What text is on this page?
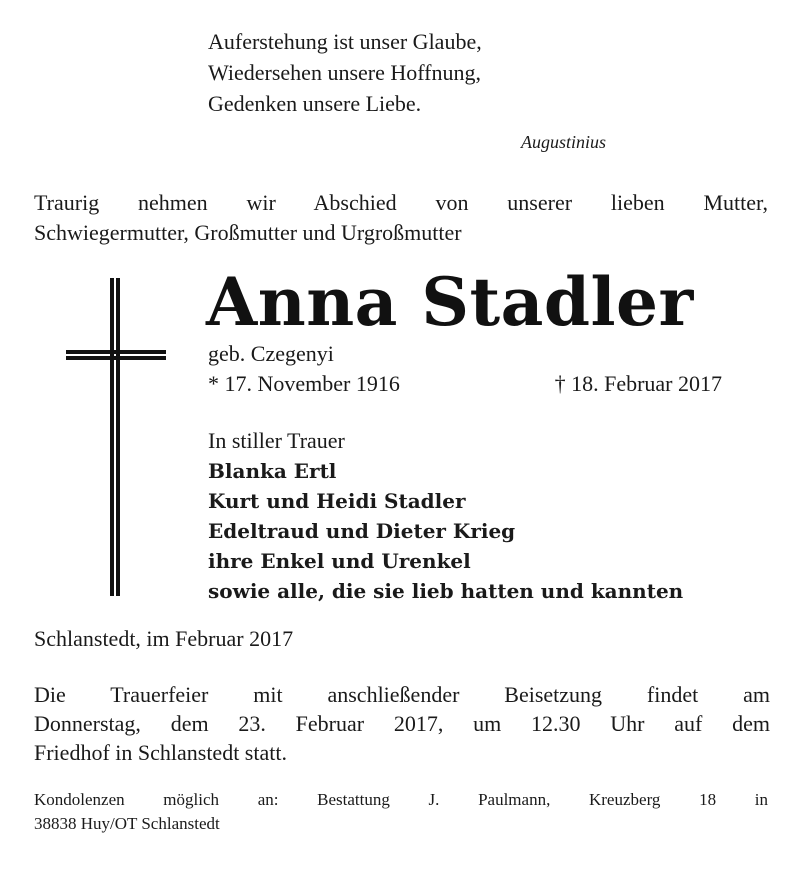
Auferstehung ist unser Glaube,
Wiedersehen unsere Hoffnung,
Gedenken unsere Liebe.
Augustinius
Traurig nehmen wir Abschied von unserer lieben Mutter,
Schwiegermutter, Großmutter und Urgroßmutter
Anna Stadler
geb. Czegenyi
* 17. November 1916	† 18. Februar 2017
In stiller Trauer
Blanka Ertl
Kurt und Heidi Stadler
Edeltraud und Dieter Krieg
ihre Enkel und Urenkel
sowie alle, die sie lieb hatten und kannten
Schlanstedt, im Februar 2017
Die Trauerfeier mit anschließender Beisetzung findet am
Donnerstag, dem 23. Februar 2017, um 12.30 Uhr auf dem
Friedhof in Schlanstedt statt.
Kondolenzen möglich an: Bestattung J. Paulmann, Kreuzberg 18 in
38838 Huy/OT Schlanstedt
